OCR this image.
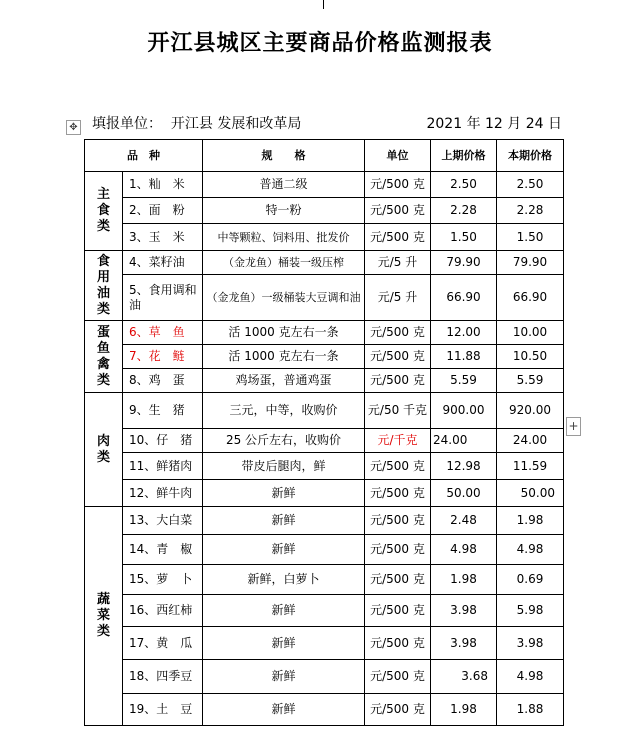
开江县城区主要商品价格监测报表
✥ 填报单位： 开江县 发展和改革局	2021 年 12 月 24 日
品　种		规　　格	单位	上期价格	本期价格
主食类	1、籼　米	普通二级	元/500 克	2.50	2.50
	2、面　粉	特一粉	元/500 克	2.28	2.28
	3、玉　米	中等颗粒、饲料用、批发价	元/500 克	1.50	1.50
食用油类	4、菜籽油	（金龙鱼）桶装一级压榨	元/5 升	79.90	79.90
	5、食用调和油	（金龙鱼）一级桶装大豆调和油	元/5 升	66.90	66.90
蛋鱼禽类	6、草　鱼	活 1000 克左右一条	元/500 克	12.00	10.00
	7、花　鲢	活 1000 克左右一条	元/500 克	11.88	10.50
	8、鸡　蛋	鸡场蛋，普通鸡蛋	元/500 克	5.59	5.59
肉类	9、生　猪	三元，中等，收购价	元/50 千克	900.00	920.00
	10、仔　猪	25 公斤左右，收购价	元/千克	24.00	24.00
	11、鲜猪肉	带皮后腿肉，鲜	元/500 克	12.98	11.59
	12、鲜牛肉	新鲜	元/500 克	50.00	50.00
蔬菜类	13、大白菜	新鲜	元/500 克	2.48	1.98
	14、青　椒	新鲜	元/500 克	4.98	4.98
	15、萝　卜	新鲜，白萝卜	元/500 克	1.98	0.69
	16、西红柿	新鲜	元/500 克	3.98	5.98
	17、黄　瓜	新鲜	元/500 克	3.98	3.98
	18、四季豆	新鲜	元/500 克	3.68	4.98
	19、土　豆	新鲜	元/500 克	1.98	1.88
+
